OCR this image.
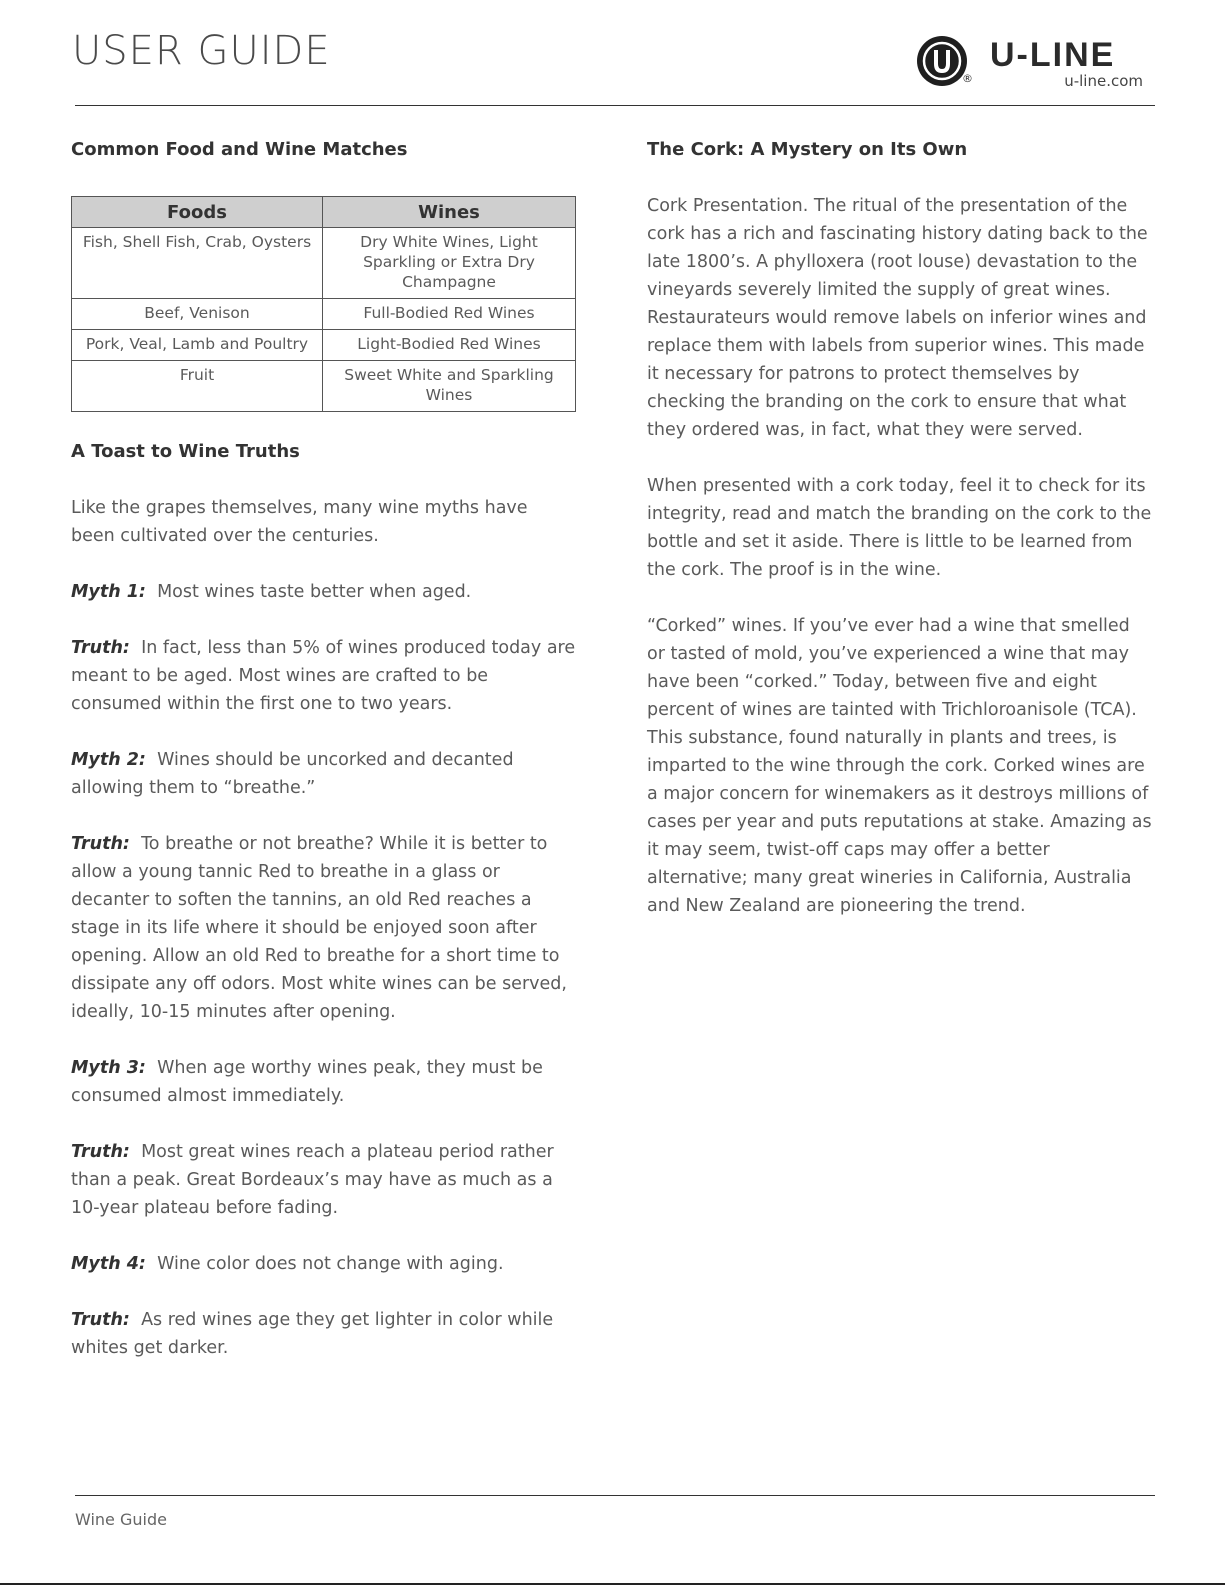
USER GUIDE
®
U-LINE
u-line.com
Common Food and Wine Matches
Foods	Wines
Fish, Shell Fish, Crab, Oysters	Dry White Wines, Light Sparkling or Extra Dry Champagne
Beef, Venison	Full-Bodied Red Wines
Pork, Veal, Lamb and Poultry	Light-Bodied Red Wines
Fruit	Sweet White and Sparkling Wines
A Toast to Wine Truths

Like the grapes themselves, many wine myths have been cultivated over the centuries.

Myth 1: Most wines taste better when aged.

Truth: In fact, less than 5% of wines produced today are meant to be aged. Most wines are crafted to be consumed within the first one to two years.

Myth 2: Wines should be uncorked and decanted allowing them to “breathe.”

Truth: To breathe or not breathe? While it is better to allow a young tannic Red to breathe in a glass or decanter to soften the tannins, an old Red reaches a stage in its life where it should be enjoyed soon after opening. Allow an old Red to breathe for a short time to dissipate any off odors. Most white wines can be served, ideally, 10-15 minutes after opening.

Myth 3: When age worthy wines peak, they must be consumed almost immediately.

Truth: Most great wines reach a plateau period rather than a peak. Great Bordeaux’s may have as much as a 10-year plateau before fading.

Myth 4: Wine color does not change with aging.

Truth: As red wines age they get lighter in color while whites get darker.

The Cork: A Mystery on Its Own

Cork Presentation. The ritual of the presentation of the cork has a rich and fascinating history dating back to the late 1800’s. A phylloxera (root louse) devastation to the vineyards severely limited the supply of great wines. Restaurateurs would remove labels on inferior wines and replace them with labels from superior wines. This made it necessary for patrons to protect themselves by checking the branding on the cork to ensure that what they ordered was, in fact, what they were served.

When presented with a cork today, feel it to check for its integrity, read and match the branding on the cork to the bottle and set it aside. There is little to be learned from the cork. The proof is in the wine.

“Corked” wines. If you’ve ever had a wine that smelled or tasted of mold, you’ve experienced a wine that may have been “corked.” Today, between five and eight percent of wines are tainted with Trichloroanisole (TCA). This substance, found naturally in plants and trees, is imparted to the wine through the cork. Corked wines are a major concern for winemakers as it destroys millions of cases per year and puts reputations at stake. Amazing as it may seem, twist-off caps may offer a better alternative; many great wineries in California, Australia and New Zealand are pioneering the trend.

Wine Guide
